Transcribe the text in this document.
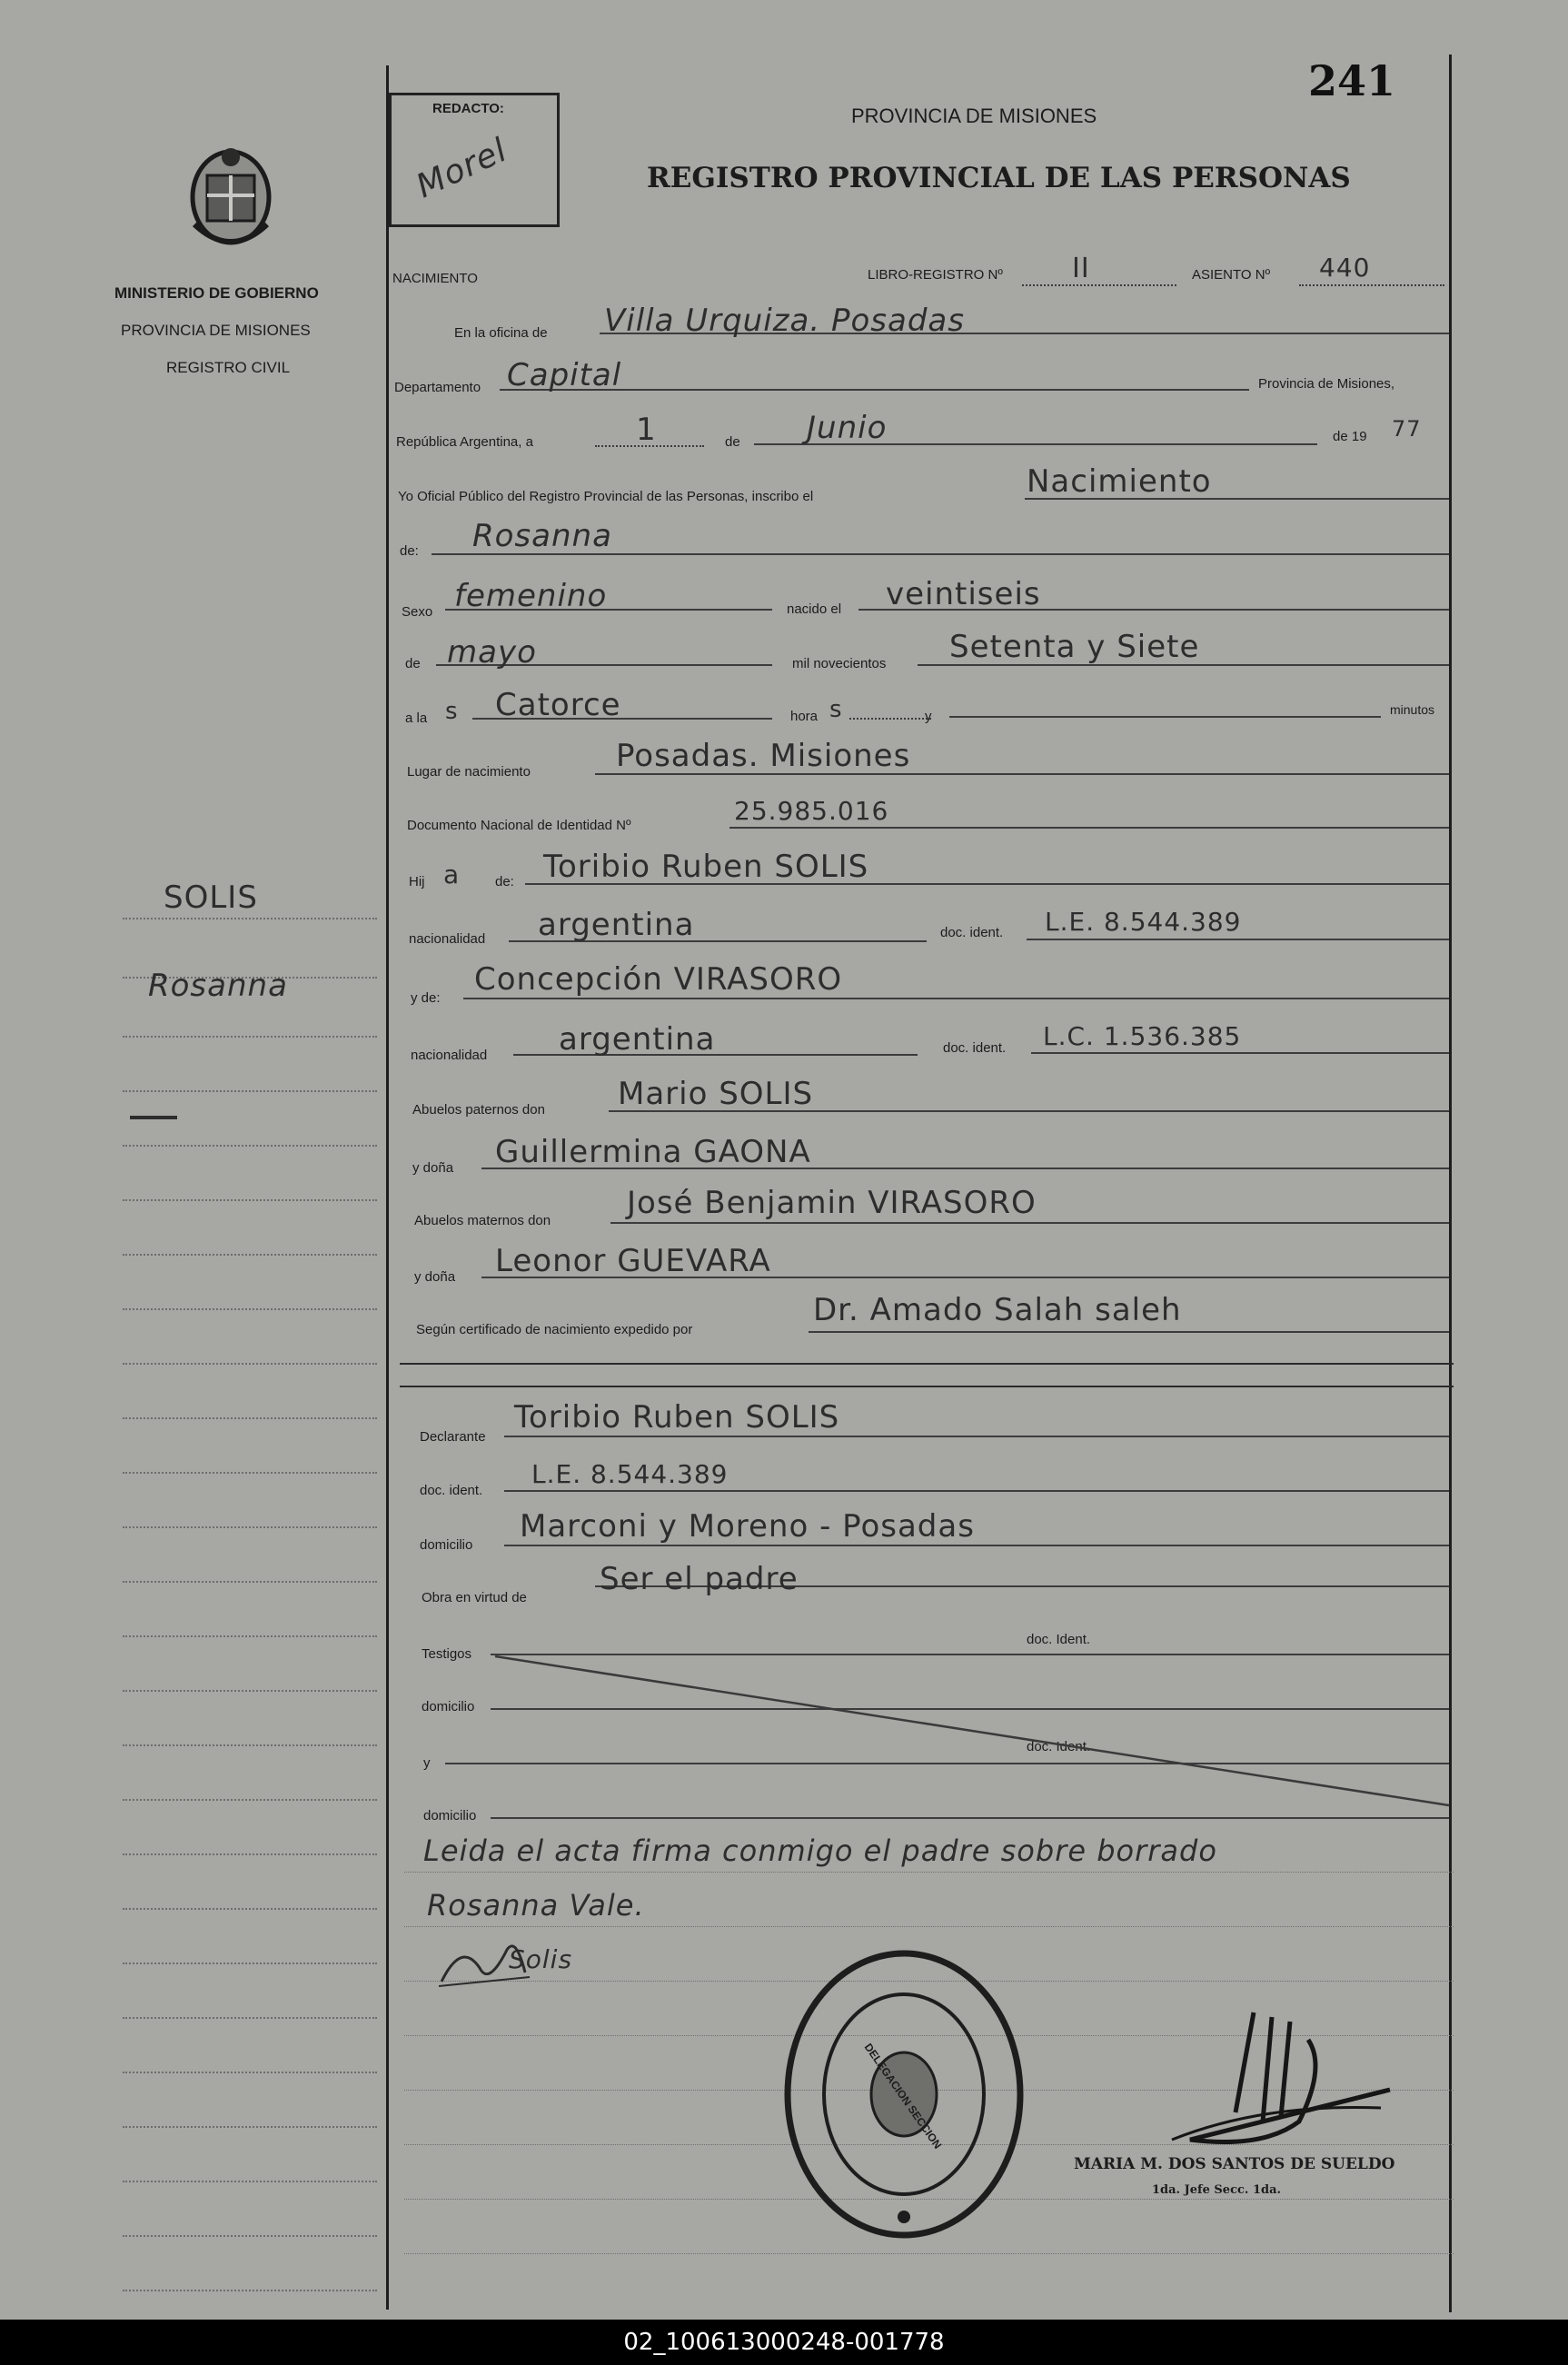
241
REDACTO:
Morel
PROVINCIA DE MISIONES
REGISTRO PROVINCIAL DE LAS PERSONAS
MINISTERIO DE GOBIERNO
PROVINCIA DE MISIONES
REGISTRO CIVIL
SOLIS
Rosanna
NACIMIENTO	LIBRO-REGISTRO Nº	II	ASIENTO Nº 440
En la oficina de Villa Urquiza. Posadas
Departamento Capital	Provincia de Misiones,
República Argentina, a	1	de Junio	de 19 77
Yo Oficial Público del Registro Provincial de las Personas, inscribo el	Nacimiento
de: Rosanna
Sexo femenino	nacido el veintiseis
de mayo	mil novecientos Setenta y Siete
a la s Catorce	hora s	y	minutos
Lugar de nacimiento	Posadas. Misiones
Documento Nacional de Identidad Nº	25.985.016
Hij a	de: Toribio Ruben SOLIS
nacionalidad argentina	doc. ident. L.E. 8.544.389
y de:
Concepción VIRASORO
nacionalidad argentina	doc. ident. L.C. 1.536.385
Abuelos paternos don Mario SOLIS
y doña Guillermina GAONA
Abuelos maternos don José Benjamin VIRASORO
y doña Leonor GUEVARA
Según certificado de nacimiento expedido por
Dr. Amado Salah saleh
Declarante
Toribio Ruben SOLIS
doc. ident.
L.E. 8.544.389
domicilio
Marconi y Moreno - Posadas
Obra en virtud de
Ser el padre
Testigos
doc. Ident.
domicilio
y
doc. Ident.
domicilio
Leida el acta firma conmigo el padre sobre borrado
Rosanna Vale.
Solis
DELEGACION SECCION
MARIA M. DOS SANTOS DE SUELDO
1da. Jefe Secc. 1da.
02_100613000248-001778
